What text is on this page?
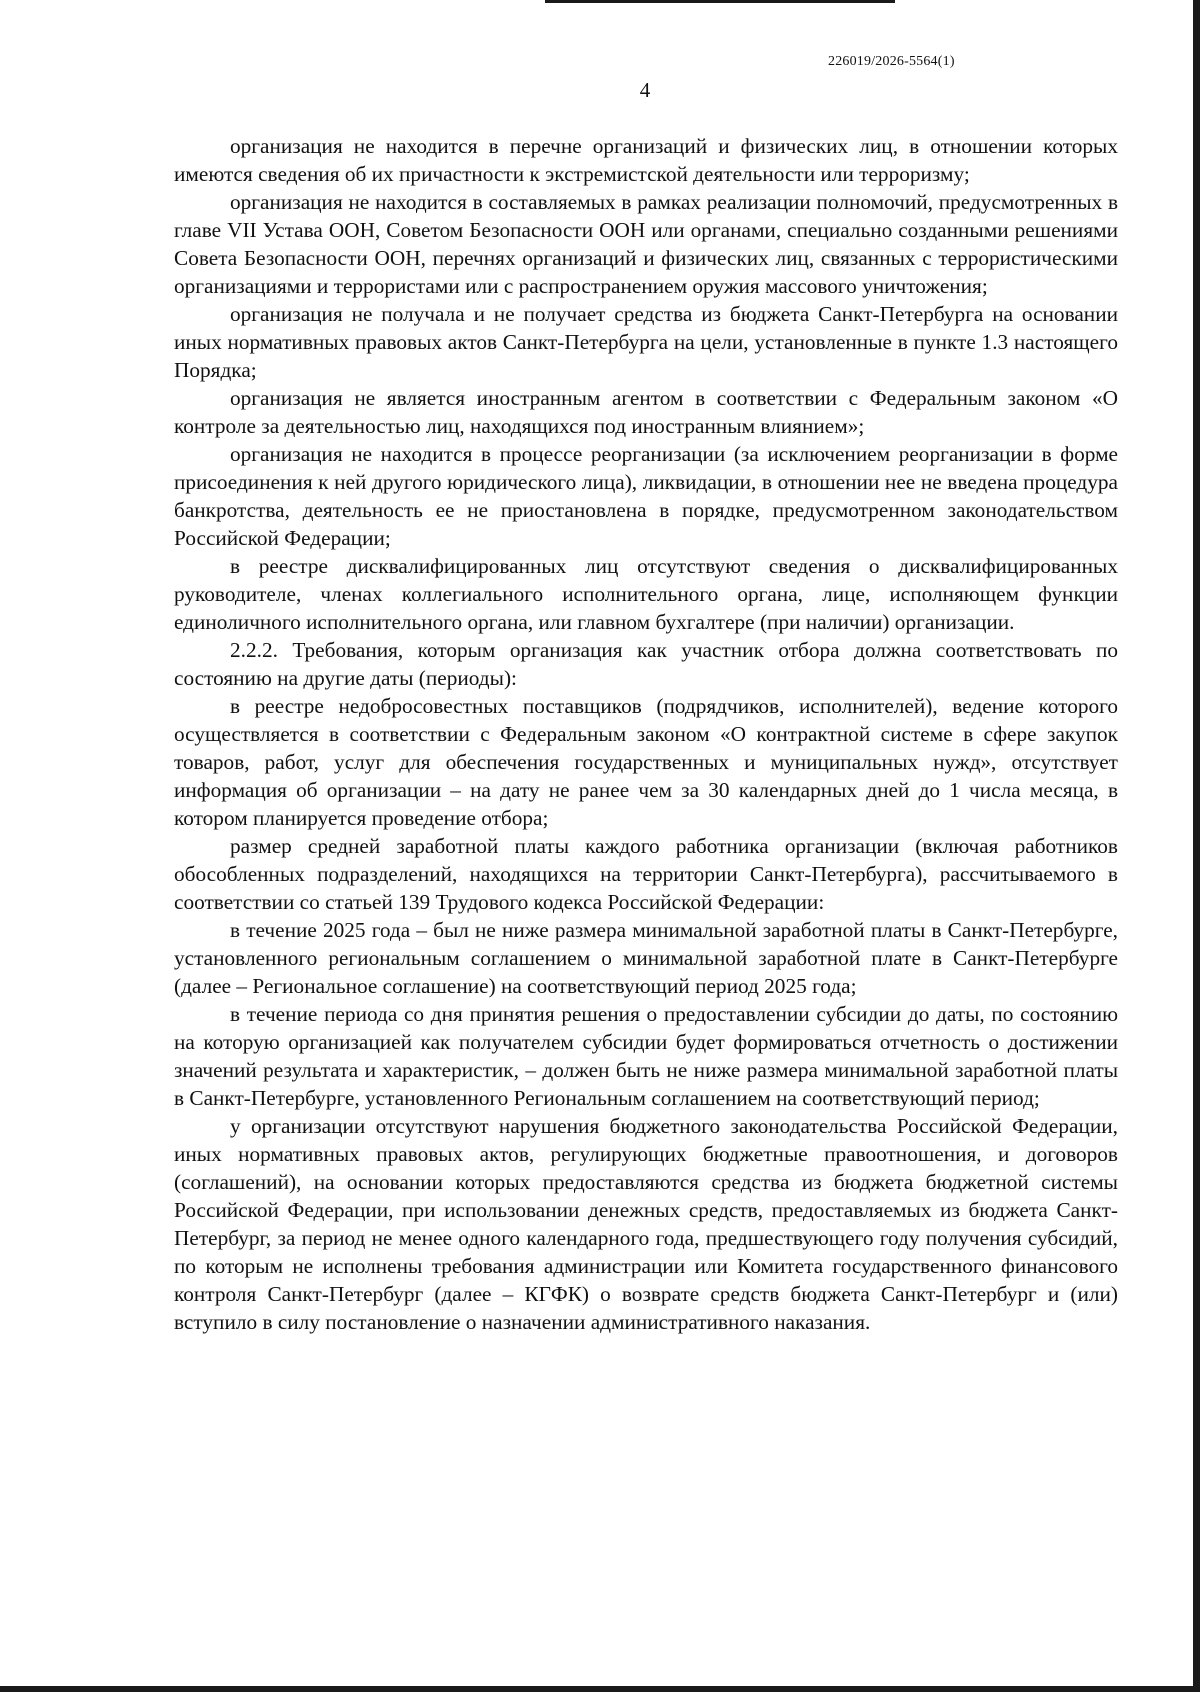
226019/2026-5564(1)
4

организация не находится в перечне организаций и физических лиц, в отношении которых имеются сведения об их причастности к экстремистской деятельности или терроризму;

организация не находится в составляемых в рамках реализации полномочий, предусмотренных в главе VII Устава ООН, Советом Безопасности ООН или органами, специально созданными решениями Совета Безопасности ООН, перечнях организаций и физических лиц, связанных с террористическими организациями и террористами или с распространением оружия массового уничтожения;

организация не получала и не получает средства из бюджета Санкт-Петербурга на основании иных нормативных правовых актов Санкт-Петербурга на цели, установленные в пункте 1.3 настоящего Порядка;

организация не является иностранным агентом в соответствии с Федеральным законом «О контроле за деятельностью лиц, находящихся под иностранным влиянием»;

организация не находится в процессе реорганизации (за исключением реорганизации в форме присоединения к ней другого юридического лица), ликвидации, в отношении нее не введена процедура банкротства, деятельность ее не приостановлена в порядке, предусмотренном законодательством Российской Федерации;

в реестре дисквалифицированных лиц отсутствуют сведения о дисквалифицированных руководителе, членах коллегиального исполнительного органа, лице, исполняющем функции единоличного исполнительного органа, или главном бухгалтере (при наличии) организации.

2.2.2. Требования, которым организация как участник отбора должна соответствовать по состоянию на другие даты (периоды):

в реестре недобросовестных поставщиков (подрядчиков, исполнителей), ведение которого осуществляется в соответствии с Федеральным законом «О контрактной системе в сфере закупок товаров, работ, услуг для обеспечения государственных и муниципальных нужд», отсутствует информация об организации – на дату не ранее чем за 30 календарных дней до 1 числа месяца, в котором планируется проведение отбора;

размер средней заработной платы каждого работника организации (включая работников обособленных подразделений, находящихся на территории Санкт-Петербурга), рассчитываемого в соответствии со статьей 139 Трудового кодекса Российской Федерации:

в течение 2025 года – был не ниже размера минимальной заработной платы в Санкт-Петербурге, установленного региональным соглашением о минимальной заработной плате в Санкт-Петербурге (далее – Региональное соглашение) на соответствующий период 2025 года;

в течение периода со дня принятия решения о предоставлении субсидии до даты, по состоянию на которую организацией как получателем субсидии будет формироваться отчетность о достижении значений результата и характеристик, – должен быть не ниже размера минимальной заработной платы в Санкт-Петербурге, установленного Региональным соглашением на соответствующий период;

у организации отсутствуют нарушения бюджетного законодательства Российской Федерации, иных нормативных правовых актов, регулирующих бюджетные правоотношения, и договоров (соглашений), на основании которых предоставляются средства из бюджета бюджетной системы Российской Федерации, при использовании денежных средств, предоставляемых из бюджета Санкт-Петербург, за период не менее одного календарного года, предшествующего году получения субсидий, по которым не исполнены требования администрации или Комитета государственного финансового контроля Санкт-Петербург (далее – КГФК) о возврате средств бюджета Санкт-Петербург и (или) вступило в силу постановление о назначении административного наказания.
